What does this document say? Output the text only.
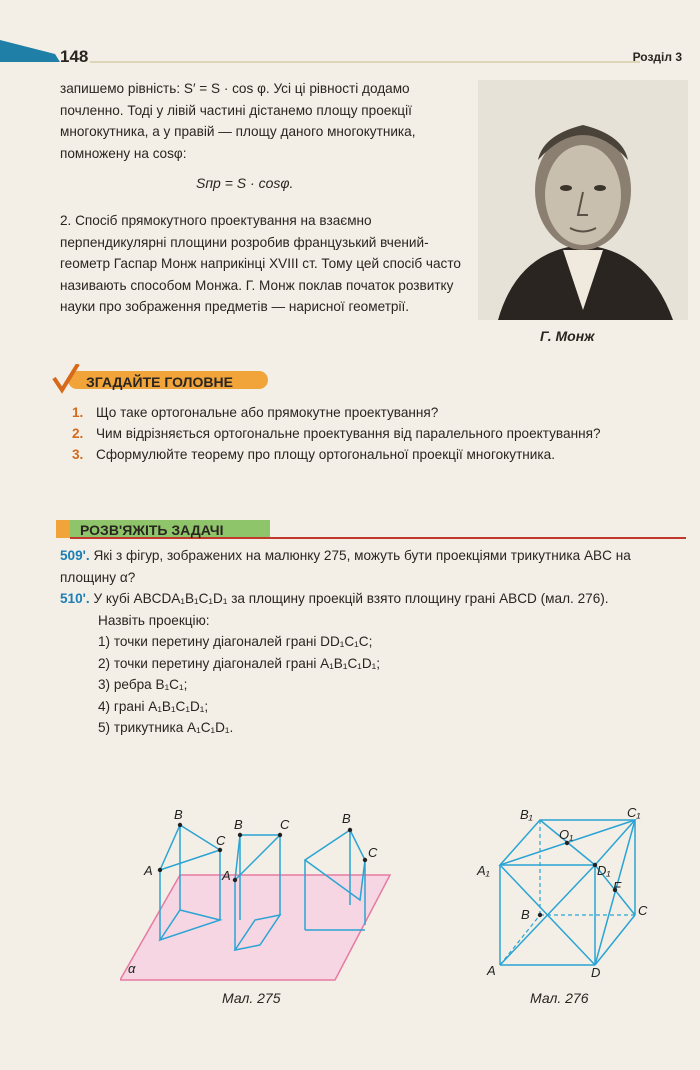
148	Розділ 3
запишемо рівність: S′ = S · cos φ. Усі ці рівності додамо почленно. Тоді у лівій частині дістанемо площу проекції многокутника, а у правій — площу даного многокутника, помножену на cosφ:
Sпр = S · cosφ.
2. Спосіб прямокутного проектування на взаємно перпендикулярні площини розробив французький вчений-геометр Гаспар Монж наприкінці XVIII ст. Тому цей спосіб часто називають способом Монжа. Г. Монж поклав початок розвитку науки про зображення предметів — нарисної геометрії.
Г. Монж
ЗГАДАЙТЕ ГОЛОВНЕ
1. Що таке ортогональне або прямокутне проектування?
2. Чим відрізняється ортогональне проектування від паралельного проектування?
3. Сформулюйте теорему про площу ортогональної проекції многокутника.
РОЗВ'ЯЖІТЬ ЗАДАЧІ
509'. Які з фігур, зображених на малюнку 275, можуть бути проекціями трикутника ABC на площину α?
510'. У кубі ABCDA₁B₁C₁D₁ за площину проекцій взято площину грані ABCD (мал. 276).
Назвіть проекцію:
1) точки перетину діагоналей грані DD₁C₁C;
2) точки перетину діагоналей грані A₁B₁C₁D₁;
3) ребра B₁C₁;
4) грані A₁B₁C₁D₁;
5) трикутника A₁C₁D₁.
A
B
C
B	C
A
B
C
α
Мал. 275
B₁	C₁
O₁
A₁	D₁
F
B	C
A	D
Мал. 276
